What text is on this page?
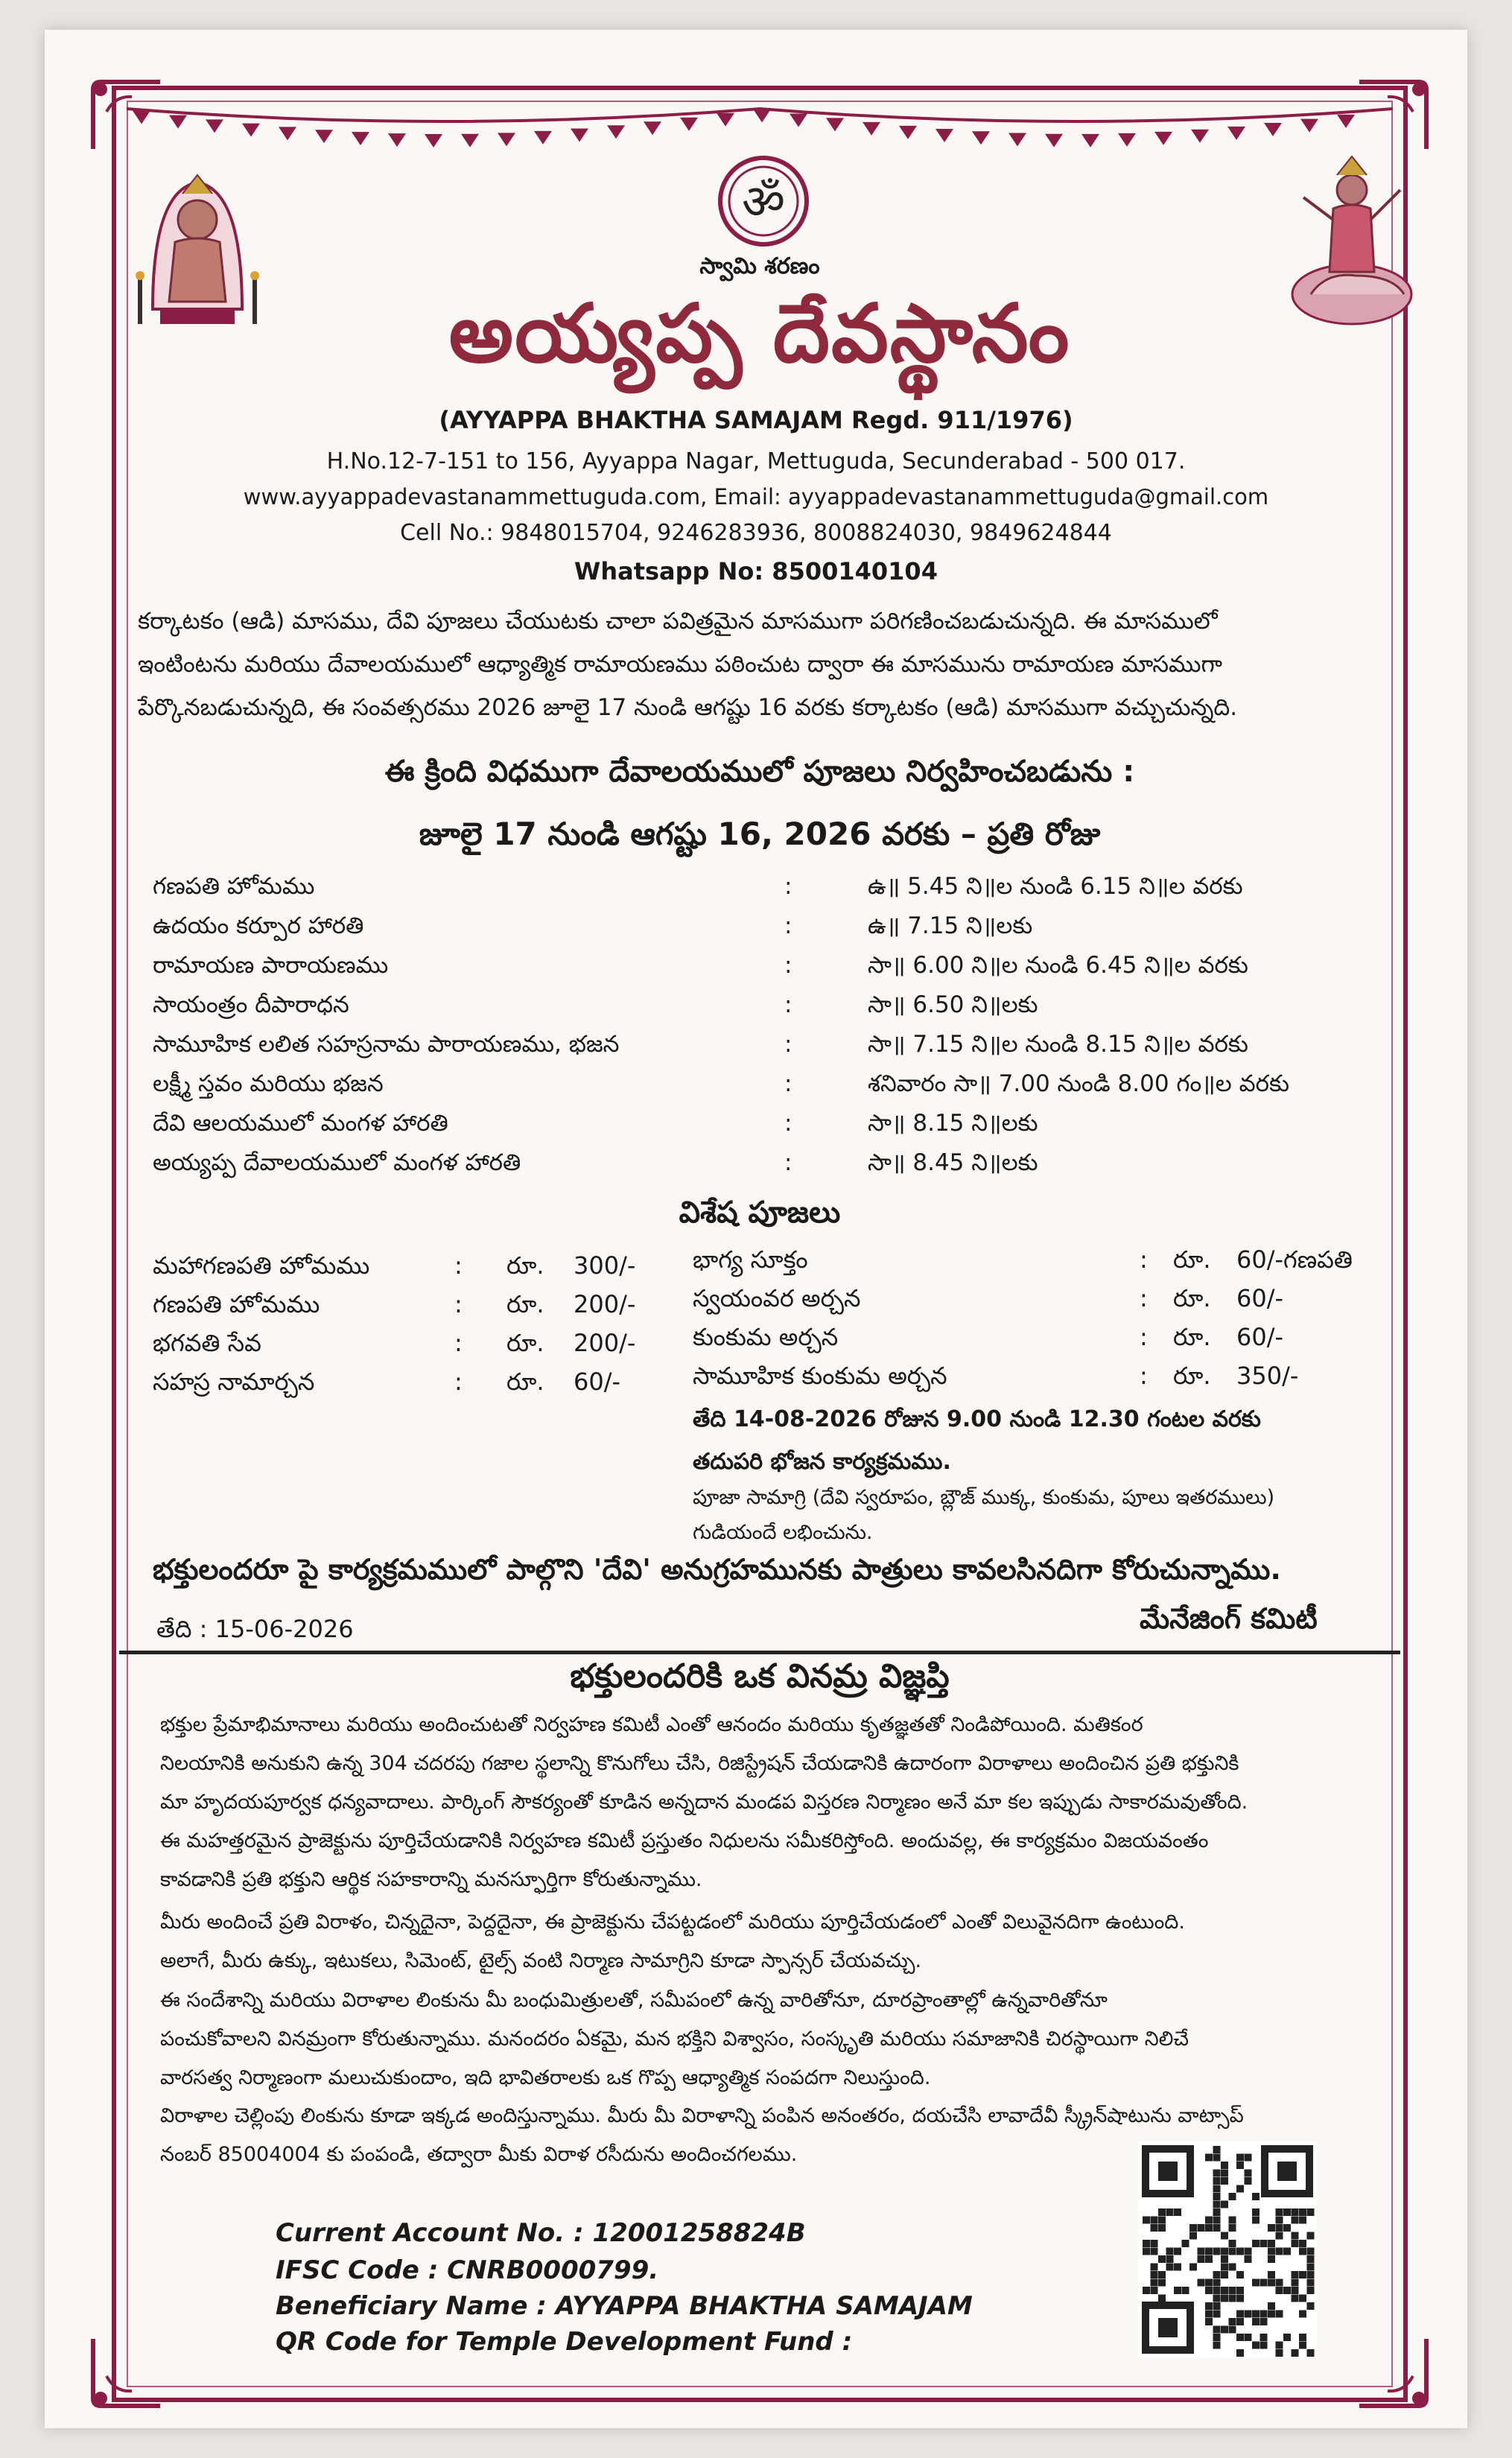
ॐ
స్వామి శరణం
అయ్యప్ప దేవస్థానం
(AYYAPPA BHAKTHA SAMAJAM Regd. 911/1976)
H.No.12-7-151 to 156, Ayyappa Nagar, Mettuguda, Secunderabad - 500 017.
www.ayyappadevastanammettuguda.com, Email: ayyappadevastanammettuguda@gmail.com
Cell No.: 9848015704, 9246283936, 8008824030, 9849624844
Whatsapp No: 8500140104
కర్కాటకం (ఆడి) మాసము, దేవి పూజలు చేయుటకు చాలా పవిత్రమైన మాసముగా పరిగణించబడుచున్నది. ఈ మాసములో
ఇంటింటను మరియు దేవాలయములో ఆధ్యాత్మిక రామాయణము పఠించుట ద్వారా ఈ మాసమును రామాయణ మాసముగా
పేర్కొనబడుచున్నది, ఈ సంవత్సరము 2026 జూలై 17 నుండి ఆగష్టు 16 వరకు కర్కాటకం (ఆడి) మాసముగా వచ్చుచున్నది.
ఈ క్రింది విధముగా దేవాలయములో పూజలు నిర్వహించబడును :
జూలై 17 నుండి ఆగష్టు 16, 2026 వరకు – ప్రతి రోజు
గణపతి హోమము	:	ఉ॥ 5.45 ని॥ల నుండి 6.15 ని॥ల వరకు
ఉదయం కర్పూర హారతి	:	ఉ॥ 7.15 ని॥లకు
రామాయణ పారాయణము	:	సా॥ 6.00 ని॥ల నుండి 6.45 ని॥ల వరకు
సాయంత్రం దీపారాధన	:	సా॥ 6.50 ని॥లకు
సామూహిక లలిత సహస్రనామ పారాయణము, భజన	:	సా॥ 7.15 ని॥ల నుండి 8.15 ని॥ల వరకు
లక్ష్మీ స్తవం మరియు భజన	:	శనివారం సా॥ 7.00 నుండి 8.00 గం॥ల వరకు
దేవి ఆలయములో మంగళ హారతి	:	సా॥ 8.15 ని॥లకు
అయ్యప్ప దేవాలయములో మంగళ హారతి	:	సా॥ 8.45 ని॥లకు
విశేష పూజలు
మహాగణపతి హోమము	: రూ.	300/-
గణపతి హోమము	: రూ.	200/-
భగవతి సేవ	: రూ.	200/-
సహస్ర నామార్చన	: రూ.	60/-
భాగ్య సూక్తం	: రూ.	60/-గణపతి
స్వయంవర అర్చన	: రూ.	60/-
కుంకుమ అర్చన	: రూ.	60/-
సామూహిక కుంకుమ అర్చన	: రూ.	350/-
తేది 14-08-2026 రోజున 9.00 నుండి 12.30 గంటల వరకు
తదుపరి భోజన కార్యక్రమము.
పూజా సామాగ్రి (దేవి స్వరూపం, బ్లౌజ్ ముక్క, కుంకుమ, పూలు ఇతరములు)
గుడియందే లభించును.
భక్తులందరూ పై కార్యక్రమములో పాల్గొని 'దేవి' అనుగ్రహమునకు పాత్రులు కావలసినదిగా కోరుచున్నాము.
తేది : 15-06-2026	మేనేజింగ్ కమిటీ
భక్తులందరికి ఒక వినమ్ర విజ్ఞప్తి
భక్తుల ప్రేమాభిమానాలు మరియు అందించుటతో నిర్వహణ కమిటీ ఎంతో ఆనందం మరియు కృతజ్ఞతతో నిండిపోయింది. మతికంర
నిలయానికి అనుకుని ఉన్న 304 చదరపు గజాల స్థలాన్ని కొనుగోలు చేసి, రిజిస్ట్రేషన్ చేయడానికి ఉదారంగా విరాళాలు అందించిన ప్రతి భక్తునికి
మా హృదయపూర్వక ధన్యవాదాలు. పార్కింగ్ సౌకర్యంతో కూడిన అన్నదాన మండప విస్తరణ నిర్మాణం అనే మా కల ఇప్పుడు సాకారమవుతోంది.
ఈ మహత్తరమైన ప్రాజెక్టును పూర్తిచేయడానికి నిర్వహణ కమిటీ ప్రస్తుతం నిధులను సమీకరిస్తోంది. అందువల్ల, ఈ కార్యక్రమం విజయవంతం
కావడానికి ప్రతి భక్తుని ఆర్థిక సహకారాన్ని మనస్ఫూర్తిగా కోరుతున్నాము.
మీరు అందించే ప్రతి విరాళం, చిన్నదైనా, పెద్దదైనా, ఈ ప్రాజెక్టును చేపట్టడంలో మరియు పూర్తిచేయడంలో ఎంతో విలువైనదిగా ఉంటుంది.
అలాగే, మీరు ఉక్కు, ఇటుకలు, సిమెంట్, టైల్స్ వంటి నిర్మాణ సామాగ్రిని కూడా స్పాన్సర్ చేయవచ్చు.
ఈ సందేశాన్ని మరియు విరాళాల లింకును మీ బంధుమిత్రులతో, సమీపంలో ఉన్న వారితోనూ, దూరప్రాంతాల్లో ఉన్నవారితోనూ
పంచుకోవాలని వినమ్రంగా కోరుతున్నాము. మనందరం ఏకమై, మన భక్తిని విశ్వాసం, సంస్కృతి మరియు సమాజానికి చిరస్థాయిగా నిలిచే
వారసత్వ నిర్మాణంగా మలుచుకుందాం, ఇది భావితరాలకు ఒక గొప్ప ఆధ్యాత్మిక సంపదగా నిలుస్తుంది.
విరాళాల చెల్లింపు లింకును కూడా ఇక్కడ అందిస్తున్నాము. మీరు మీ విరాళాన్ని పంపిన అనంతరం, దయచేసి లావాదేవీ స్క్రీన్‌షాటును వాట్సాప్
నంబర్ 85004004 కు పంపండి, తద్వారా మీకు విరాళ రసీదును అందించగలము.
Current Account No. : 12001258824B
IFSC Code : CNRB0000799.
Beneficiary Name : AYYAPPA BHAKTHA SAMAJAM
QR Code for Temple Development Fund :
